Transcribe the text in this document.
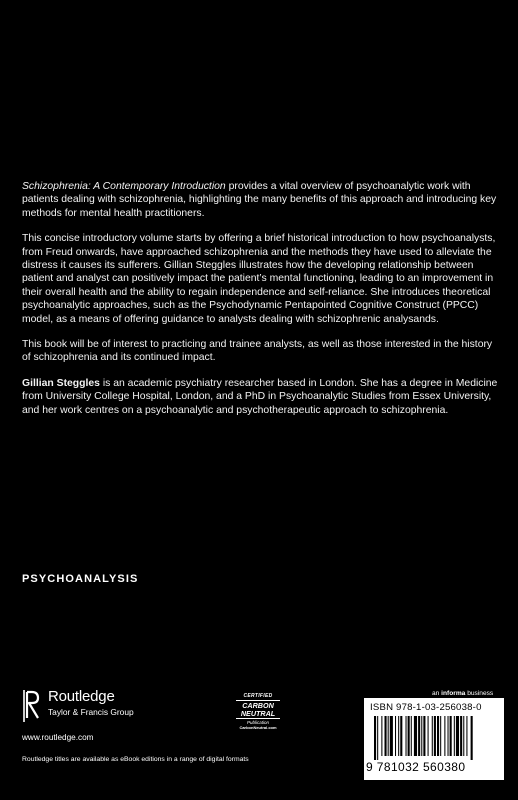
Schizophrenia: A Contemporary Introduction provides a vital overview of psychoanalytic work with patients dealing with schizophrenia, highlighting the many benefits of this approach and introducing key methods for mental health practitioners.

This concise introductory volume starts by offering a brief historical introduction to how psychoanalysts, from Freud onwards, have approached schizophrenia and the methods they have used to alleviate the distress it causes its sufferers. Gillian Steggles illustrates how the developing relationship between patient and analyst can positively impact the patient’s mental functioning, leading to an improvement in their overall health and the ability to regain independence and self-reliance. She introduces theoretical psychoanalytic approaches, such as the Psychodynamic Pentapointed Cognitive Construct (PPCC) model, as a means of offering guidance to analysts dealing with schizophrenic analysands.

This book will be of interest to practicing and trainee analysts, as well as those interested in the history of schizophrenia and its continued impact.

Gillian Steggles is an academic psychiatry researcher based in London. She has a degree in Medicine from University College Hospital, London, and a PhD in Psychoanalytic Studies from Essex University, and her work centres on a psychoanalytic and psychotherapeutic approach to schizophrenia.

PSYCHOANALYSIS
Routledge
Taylor & Francis Group
www.routledge.com
CERTIFIED
CARBON NEUTRAL
Publication
CarbonNeutral.com
an informa business
ISBN 978-1-03-256038-0
9 781032 560380
Routledge titles are available as eBook editions in a range of digital formats
